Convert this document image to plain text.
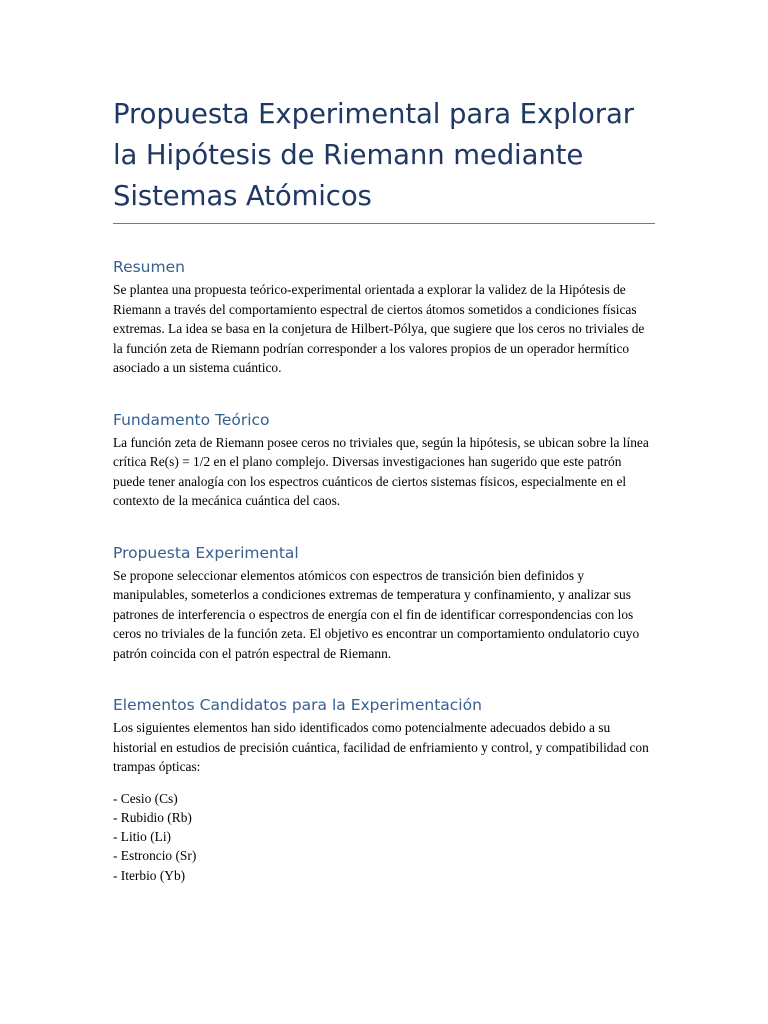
Propuesta Experimental para Explorar la Hipótesis de Riemann mediante Sistemas Atómicos
Resumen

Se plantea una propuesta teórico-experimental orientada a explorar la validez de la Hipótesis de Riemann a través del comportamiento espectral de ciertos átomos sometidos a condiciones físicas extremas. La idea se basa en la conjetura de Hilbert-Pólya, que sugiere que los ceros no triviales de la función zeta de Riemann podrían corresponder a los valores propios de un operador hermítico asociado a un sistema cuántico.

Fundamento Teórico

La función zeta de Riemann posee ceros no triviales que, según la hipótesis, se ubican sobre la línea crítica Re(s) = 1/2 en el plano complejo. Diversas investigaciones han sugerido que este patrón puede tener analogía con los espectros cuánticos de ciertos sistemas físicos, especialmente en el contexto de la mecánica cuántica del caos.

Propuesta Experimental

Se propone seleccionar elementos atómicos con espectros de transición bien definidos y manipulables, someterlos a condiciones extremas de temperatura y confinamiento, y analizar sus patrones de interferencia o espectros de energía con el fin de identificar correspondencias con los ceros no triviales de la función zeta. El objetivo es encontrar un comportamiento ondulatorio cuyo patrón coincida con el patrón espectral de Riemann.

Elementos Candidatos para la Experimentación

Los siguientes elementos han sido identificados como potencialmente adecuados debido a su historial en estudios de precisión cuántica, facilidad de enfriamiento y control, y compatibilidad con trampas ópticas:

- Cesio (Cs)
- Rubidio (Rb)
- Litio (Li)
- Estroncio (Sr)
- Iterbio (Yb)
